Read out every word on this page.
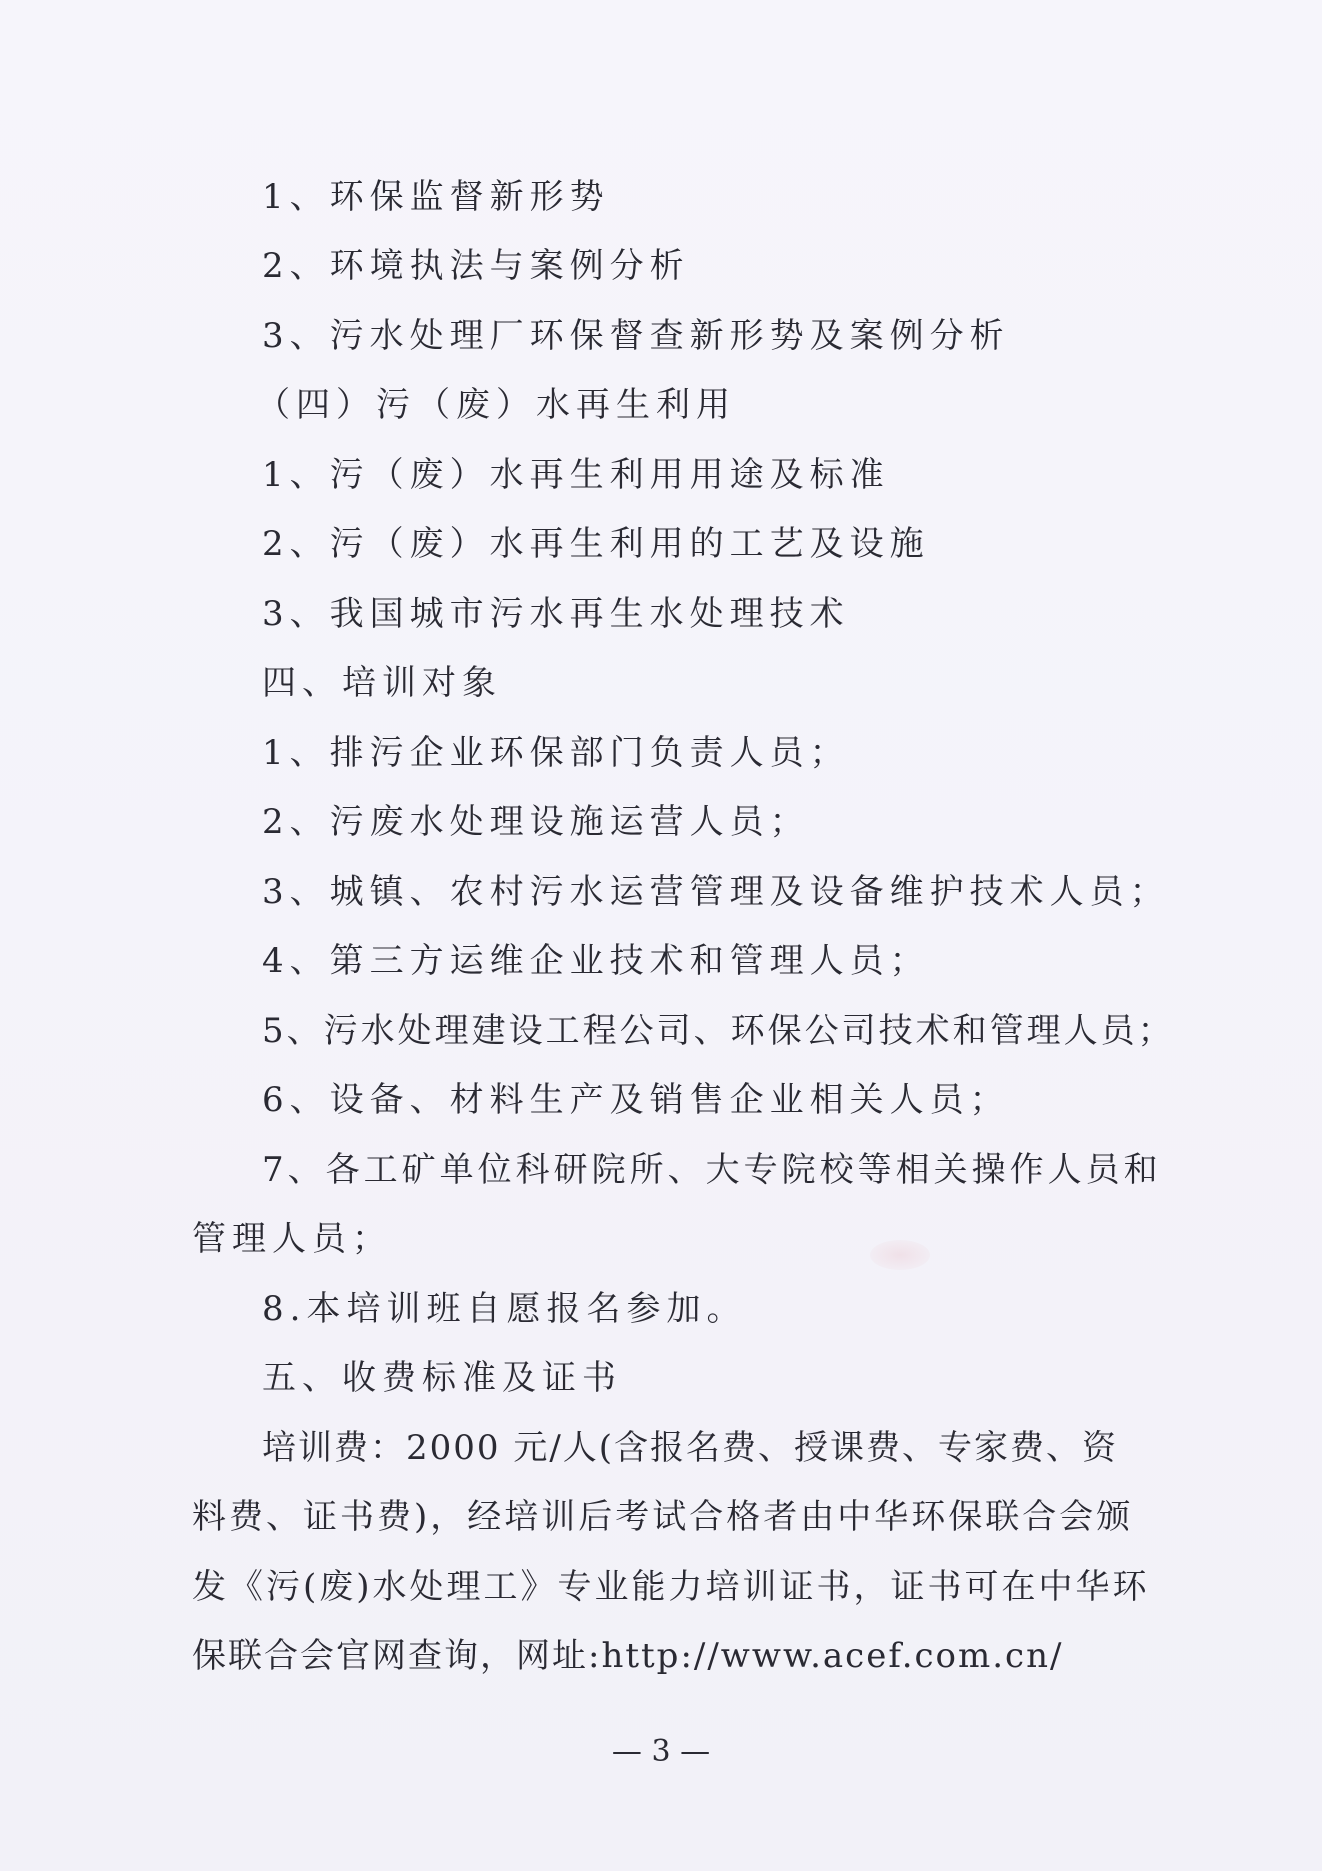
1、环保监督新形势
2、环境执法与案例分析
3、污水处理厂环保督查新形势及案例分析
（四）污（废）水再生利用
1、污（废）水再生利用用途及标准
2、污（废）水再生利用的工艺及设施
3、我国城市污水再生水处理技术
四、培训对象
1、排污企业环保部门负责人员；
2、污废水处理设施运营人员；
3、城镇、农村污水运营管理及设备维护技术人员；
4、第三方运维企业技术和管理人员；
5、污水处理建设工程公司、环保公司技术和管理人员；
6、设备、材料生产及销售企业相关人员；
7、各工矿单位科研院所、大专院校等相关操作人员和
管理人员；
8.本培训班自愿报名参加。
五、收费标准及证书
培训费：2000 元/人(含报名费、授课费、专家费、资
料费、证书费)，经培训后考试合格者由中华环保联合会颁
发《污(废)水处理工》专业能力培训证书，证书可在中华环
保联合会官网查询，网址:http://www.acef.com.cn/
— 3 —
